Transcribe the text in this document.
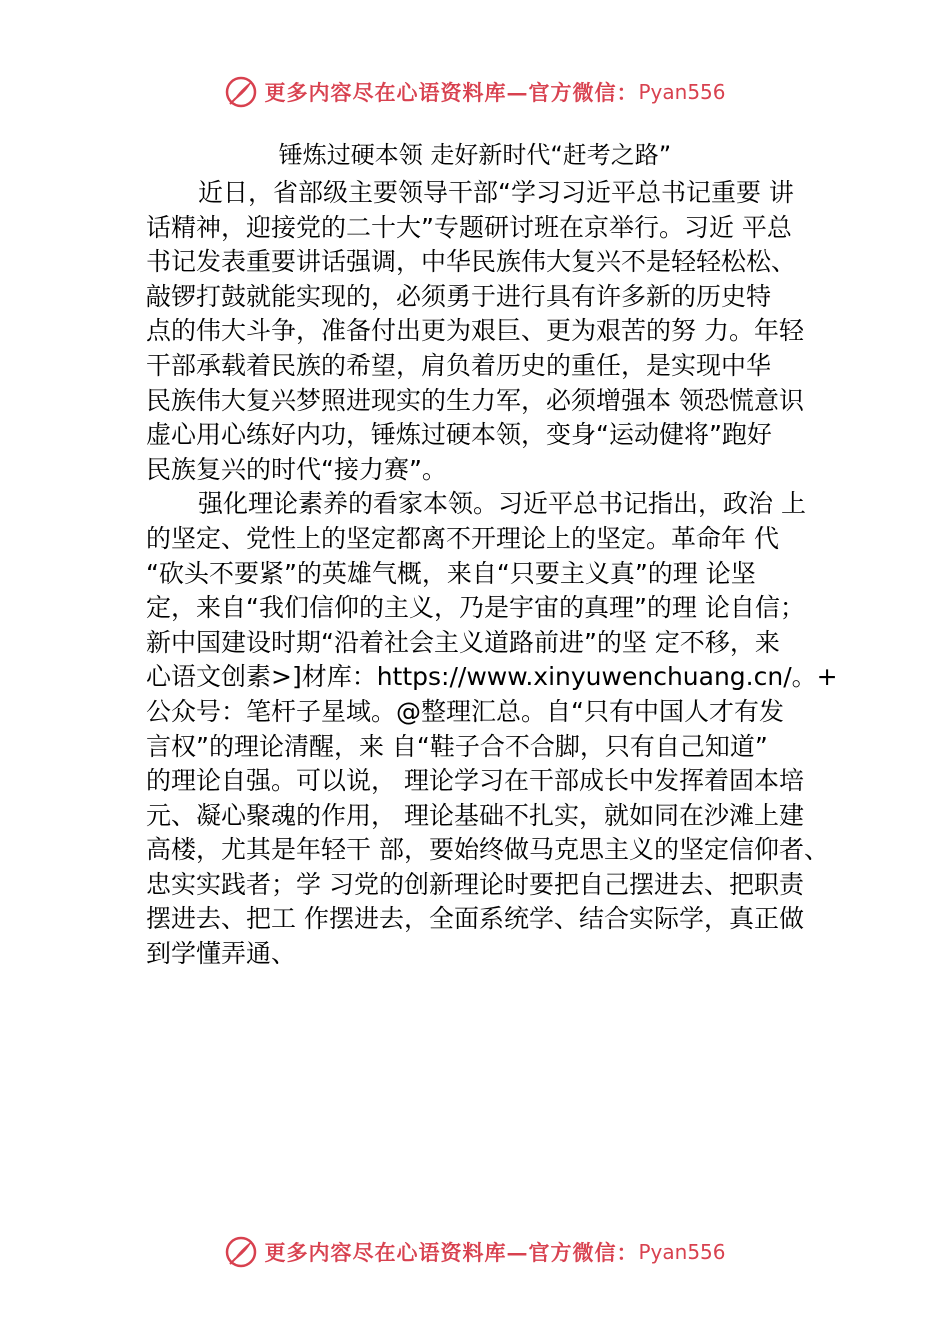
更多内容尽在心语资料库—官方微信： Pyan556
锤炼过硬本领 走好新时代“赶考之路”
近日，省部级主要领导干部“学习习近平总书记重要 讲
话精神，迎接党的二十大”专题研讨班在京举行。习近 平总
书记发表重要讲话强调，中华民族伟大复兴不是轻轻松松、
敲锣打鼓就能实现的，必须勇于进行具有许多新的历史特
点的伟大斗争，准备付出更为艰巨、更为艰苦的努 力。年轻
干部承载着民族的希望，肩负着历史的重任，是实现中华
民族伟大复兴梦照进现实的生力军，必须增强本 领恐慌意识
虚心用心练好内功，锤炼过硬本领，变身“运动健将”跑好
民族复兴的时代“接力赛”。
强化理论素养的看家本领。习近平总书记指出，政治 上
的坚定、党性上的坚定都离不开理论上的坚定。革命年 代
“砍头不要紧”的英雄气概，来自“只要主义真”的理 论坚
定，来自“我们信仰的主义，乃是宇宙的真理”的理 论自信；
新中国建设时期“沿着社会主义道路前进”的坚 定不移，来
心语文创素>]材库：https://www.xinyuwenchuang.cn/。+
公众号：笔杆子星域。@整理汇总。自“只有中国人才有发
言权”的理论清醒，来 自“鞋子合不合脚，只有自己知道”
的理论自强。可以说， 理论学习在干部成长中发挥着固本培
元、凝心聚魂的作用， 理论基础不扎实，就如同在沙滩上建
高楼，尤其是年轻干 部，要始终做马克思主义的坚定信仰者、
忠实实践者；学 习党的创新理论时要把自己摆进去、把职责
摆进去、把工 作摆进去，全面系统学、结合实际学，真正做
到学懂弄通、
更多内容尽在心语资料库—官方微信： Pyan556
